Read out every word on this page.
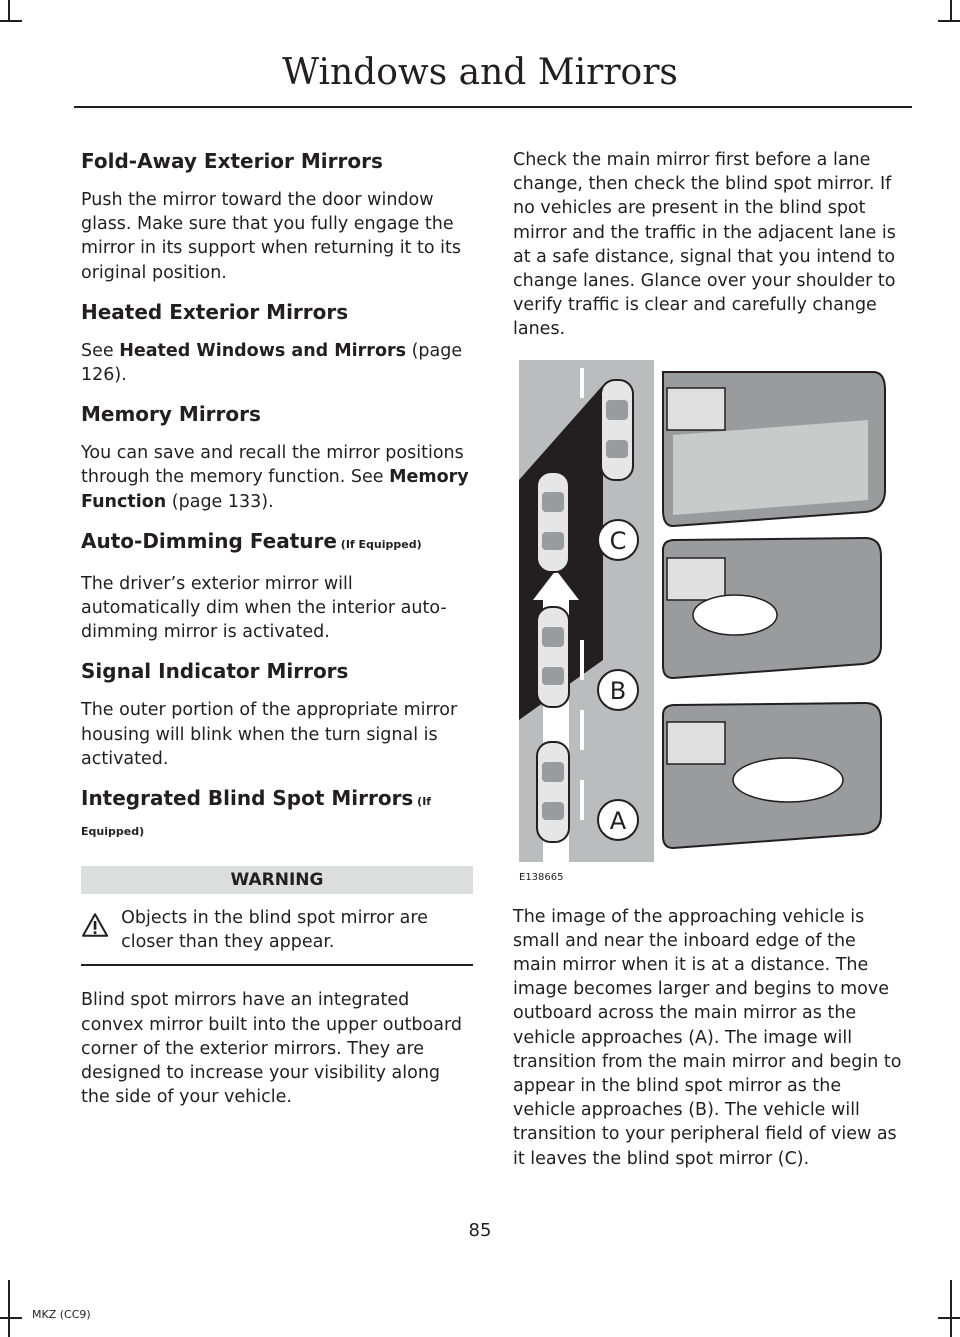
Windows and Mirrors
Fold-Away Exterior Mirrors

Push the mirror toward the door window glass. Make sure that you fully engage the mirror in its support when returning it to its original position.

Heated Exterior Mirrors

See Heated Windows and Mirrors (page 126).

Memory Mirrors

You can save and recall the mirror positions through the memory function. See Memory Function (page 133).

Auto-Dimming Feature (If Equipped)

The driver’s exterior mirror will automatically dim when the interior auto-dimming mirror is activated.

Signal Indicator Mirrors

The outer portion of the appropriate mirror housing will blink when the turn signal is activated.

Integrated Blind Spot Mirrors (If Equipped)
WARNING
Objects in the blind spot mirror are closer than they appear.

Blind spot mirrors have an integrated convex mirror built into the upper outboard corner of the exterior mirrors. They are designed to increase your visibility along the side of your vehicle.

Check the main mirror first before a lane change, then check the blind spot mirror. If no vehicles are present in the blind spot mirror and the traffic in the adjacent lane is at a safe distance, signal that you intend to change lanes. Glance over your shoulder to verify traffic is clear and carefully change lanes.

C
B
A
E138665

The image of the approaching vehicle is small and near the inboard edge of the main mirror when it is at a distance. The image becomes larger and begins to move outboard across the main mirror as the vehicle approaches (A). The image will transition from the main mirror and begin to appear in the blind spot mirror as the vehicle approaches (B). The vehicle will transition to your peripheral field of view as it leaves the blind spot mirror (C).

85
MKZ (CC9)
